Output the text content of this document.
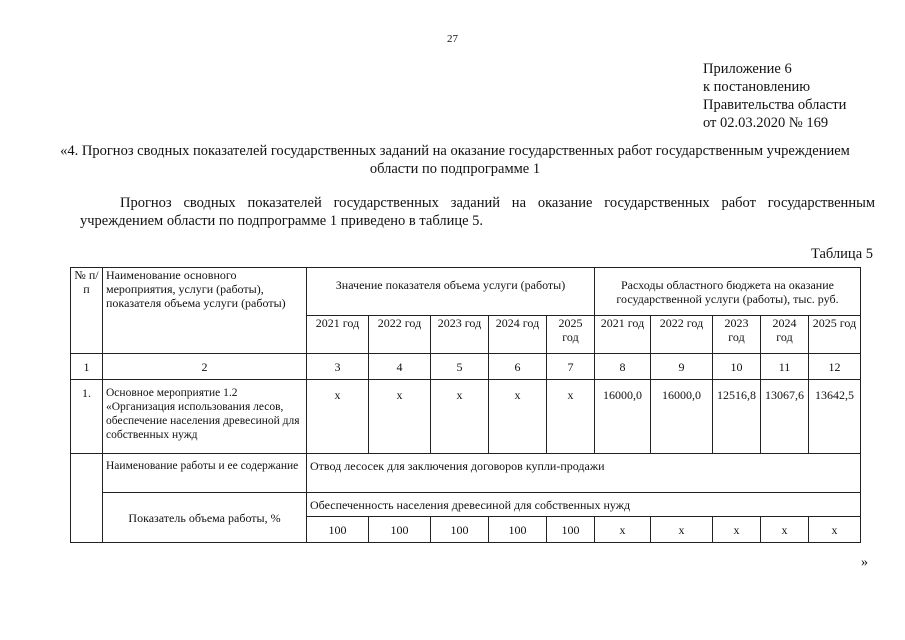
27
Приложение 6
к постановлению
Правительства области
от 02.03.2020 № 169
«4. Прогноз сводных показателей государственных заданий на оказание государственных работ государственным учреждением области по подпрограмме 1
Прогноз сводных показателей государственных заданий на оказание государственных работ государственным учреждением области по подпрограмме 1 приведено в таблице 5.
Таблица 5
№ п/п	Наименование основного мероприятия, услуги (работы), показателя объема услуги (работы)	Значение показателя объема услуги (работы)					Расходы областного бюджета на оказание государственной услуги (работы), тыс. руб.				
		2021 год	2022 год	2023 год	2024 год	2025 год	2021 год	2022 год	2023 год	2024 год	2025 год
1	2	3	4	5	6	7	8	9	10	11	12
1.	Основное мероприятие 1.2 «Организация использования лесов, обеспечение населения древесиной для собственных нужд	х	х	х	х	х	16000,0	16000,0	12516,8	13067,6	13642,5
	Наименование работы и ее содержание	Отвод лесосек для заключения договоров купли-продажи									
	Показатель объема работы, %	Обеспеченность населения древесиной для собственных нужд									
		100	100	100	100	100	х	х	х	х	х
»
